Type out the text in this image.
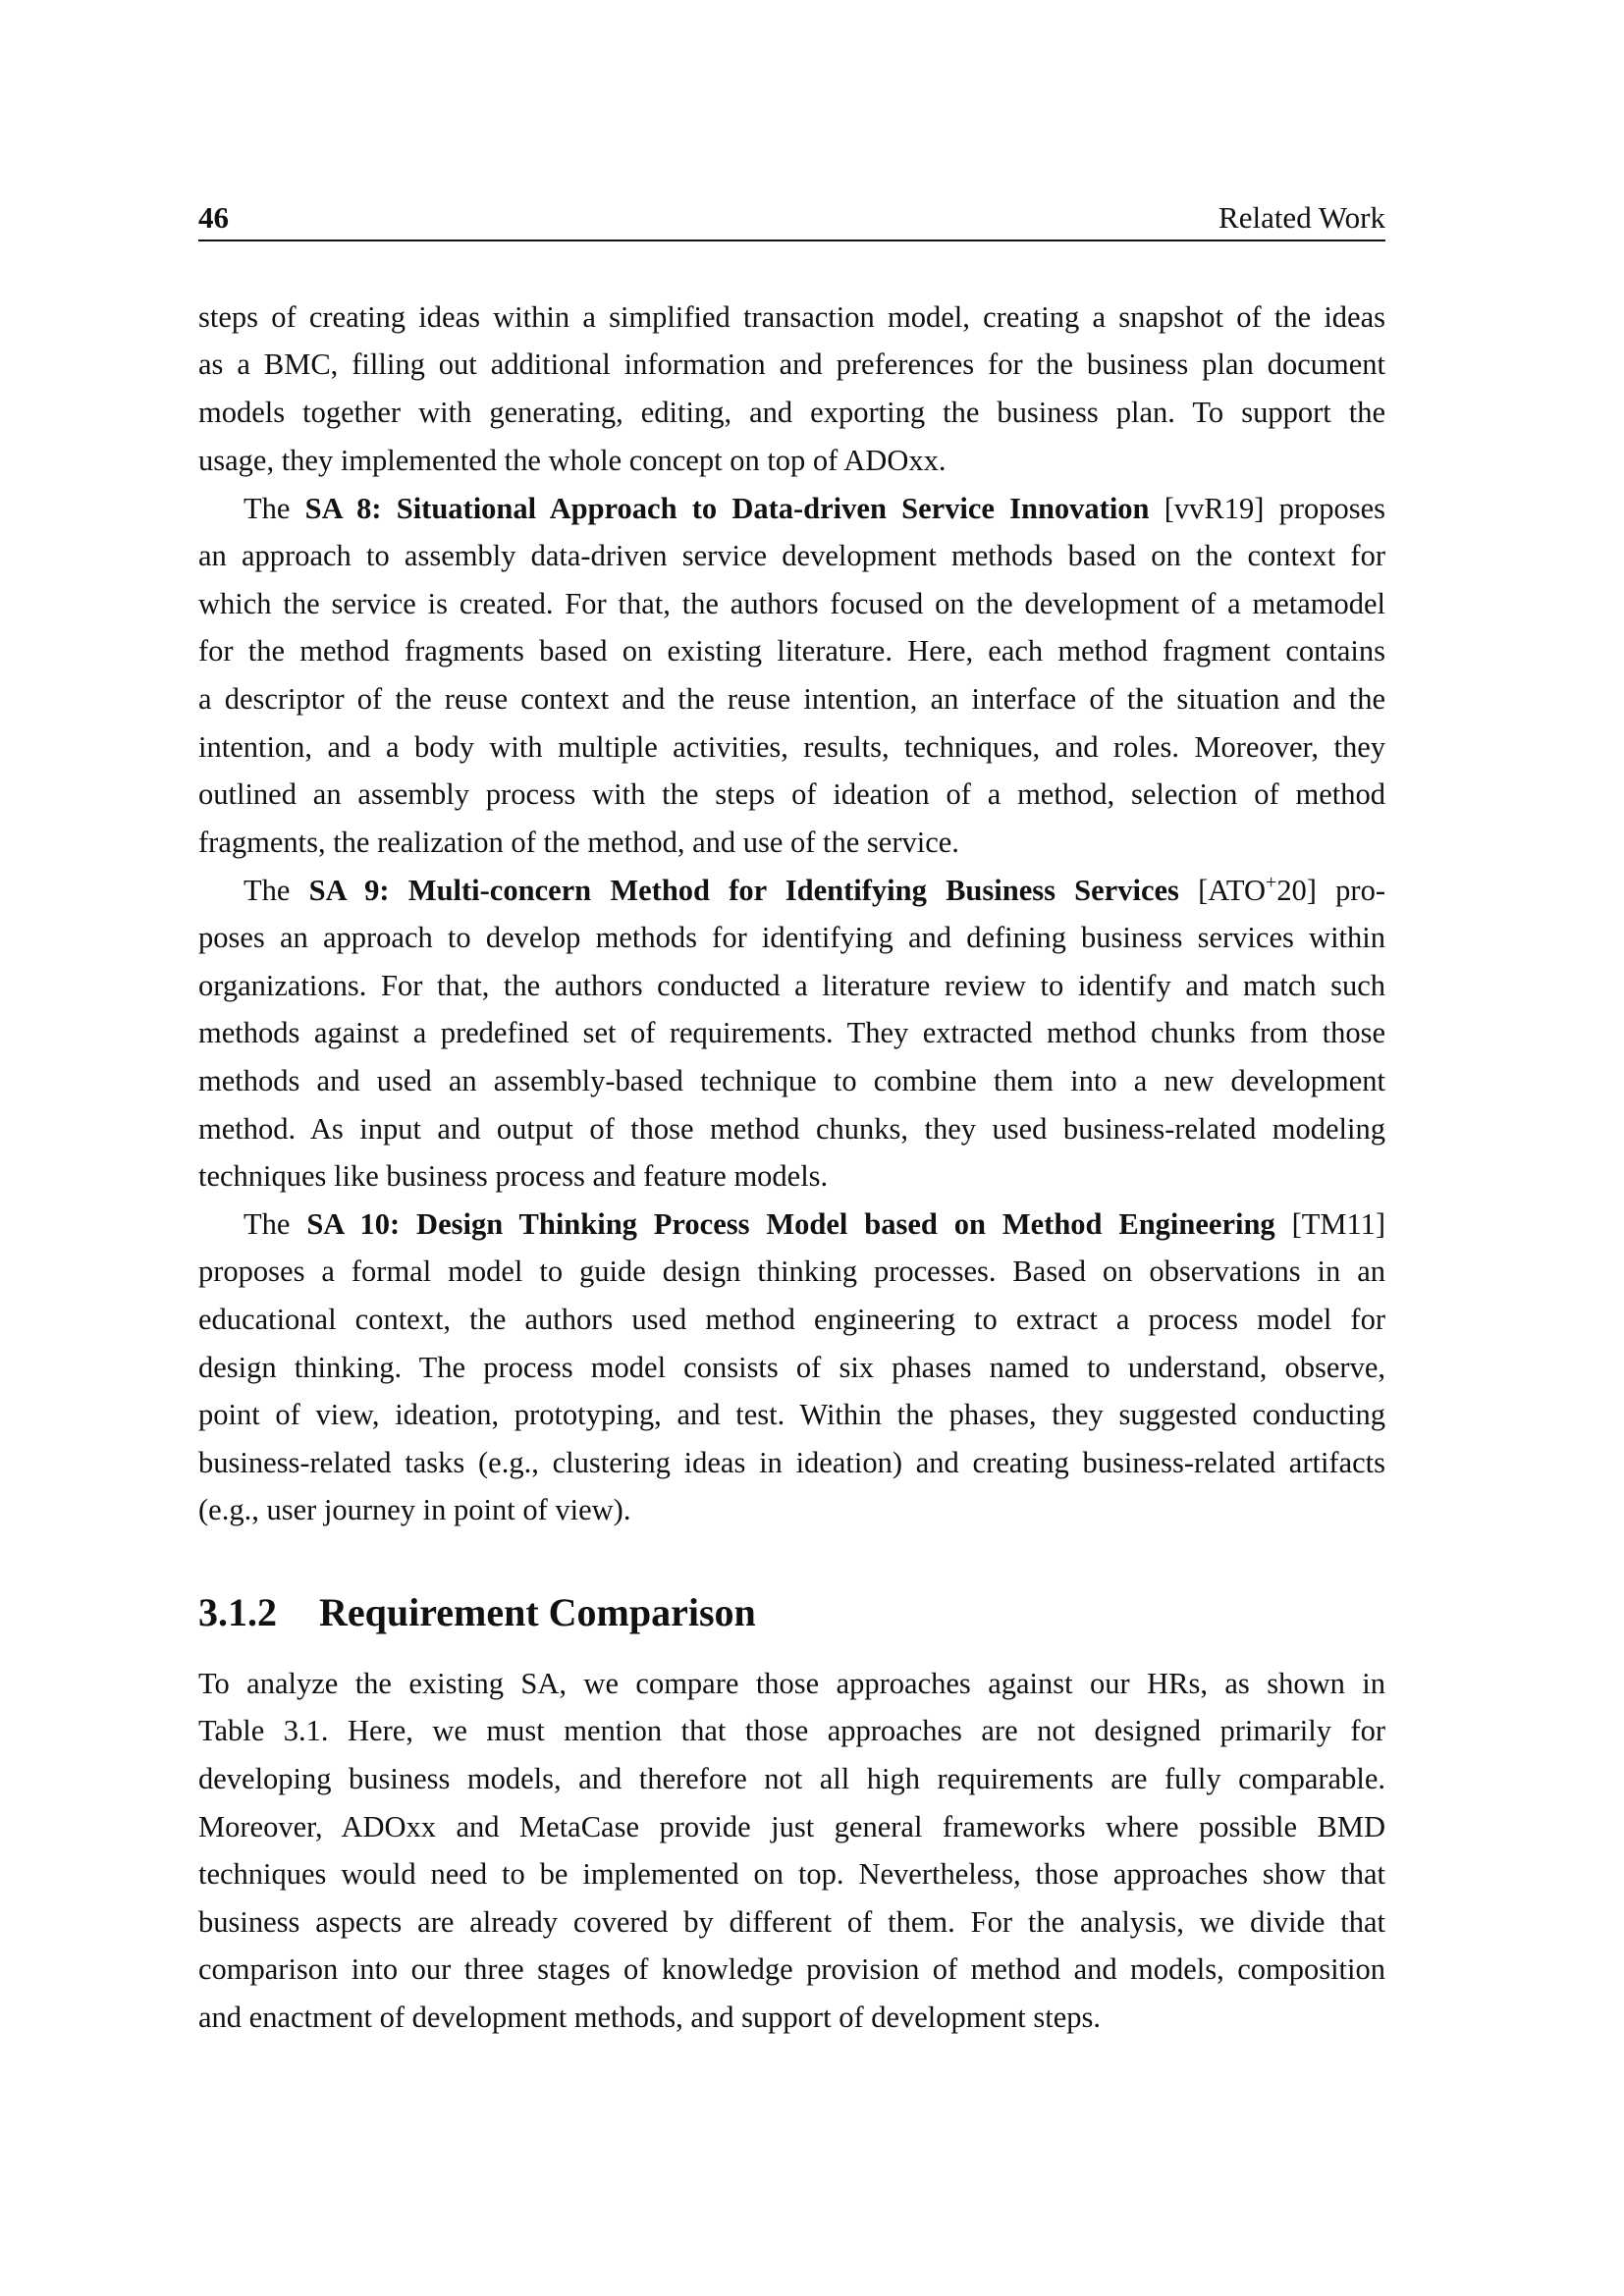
46	Related Work
steps of creating ideas within a simplified transaction model, creating a snapshot of the ideas
as a BMC, filling out additional information and preferences for the business plan document
models together with generating, editing, and exporting the business plan. To support the
usage, they implemented the whole concept on top of ADOxx.
The SA 8: Situational Approach to Data-driven Service Innovation [vvR19] proposes
an approach to assembly data-driven service development methods based on the context for
which the service is created. For that, the authors focused on the development of a metamodel
for the method fragments based on existing literature. Here, each method fragment contains
a descriptor of the reuse context and the reuse intention, an interface of the situation and the
intention, and a body with multiple activities, results, techniques, and roles. Moreover, they
outlined an assembly process with the steps of ideation of a method, selection of method
fragments, the realization of the method, and use of the service.
The SA 9: Multi-concern Method for Identifying Business Services [ATO+20] pro-
poses an approach to develop methods for identifying and defining business services within
organizations. For that, the authors conducted a literature review to identify and match such
methods against a predefined set of requirements. They extracted method chunks from those
methods and used an assembly-based technique to combine them into a new development
method. As input and output of those method chunks, they used business-related modeling
techniques like business process and feature models.
The SA 10: Design Thinking Process Model based on Method Engineering [TM11]
proposes a formal model to guide design thinking processes. Based on observations in an
educational context, the authors used method engineering to extract a process model for
design thinking. The process model consists of six phases named to understand, observe,
point of view, ideation, prototyping, and test. Within the phases, they suggested conducting
business-related tasks (e.g., clustering ideas in ideation) and creating business-related artifacts
(e.g., user journey in point of view).
3.1.2 Requirement Comparison
To analyze the existing SA, we compare those approaches against our HRs, as shown in
Table 3.1. Here, we must mention that those approaches are not designed primarily for
developing business models, and therefore not all high requirements are fully comparable.
Moreover, ADOxx and MetaCase provide just general frameworks where possible BMD
techniques would need to be implemented on top. Nevertheless, those approaches show that
business aspects are already covered by different of them. For the analysis, we divide that
comparison into our three stages of knowledge provision of method and models, composition
and enactment of development methods, and support of development steps.
